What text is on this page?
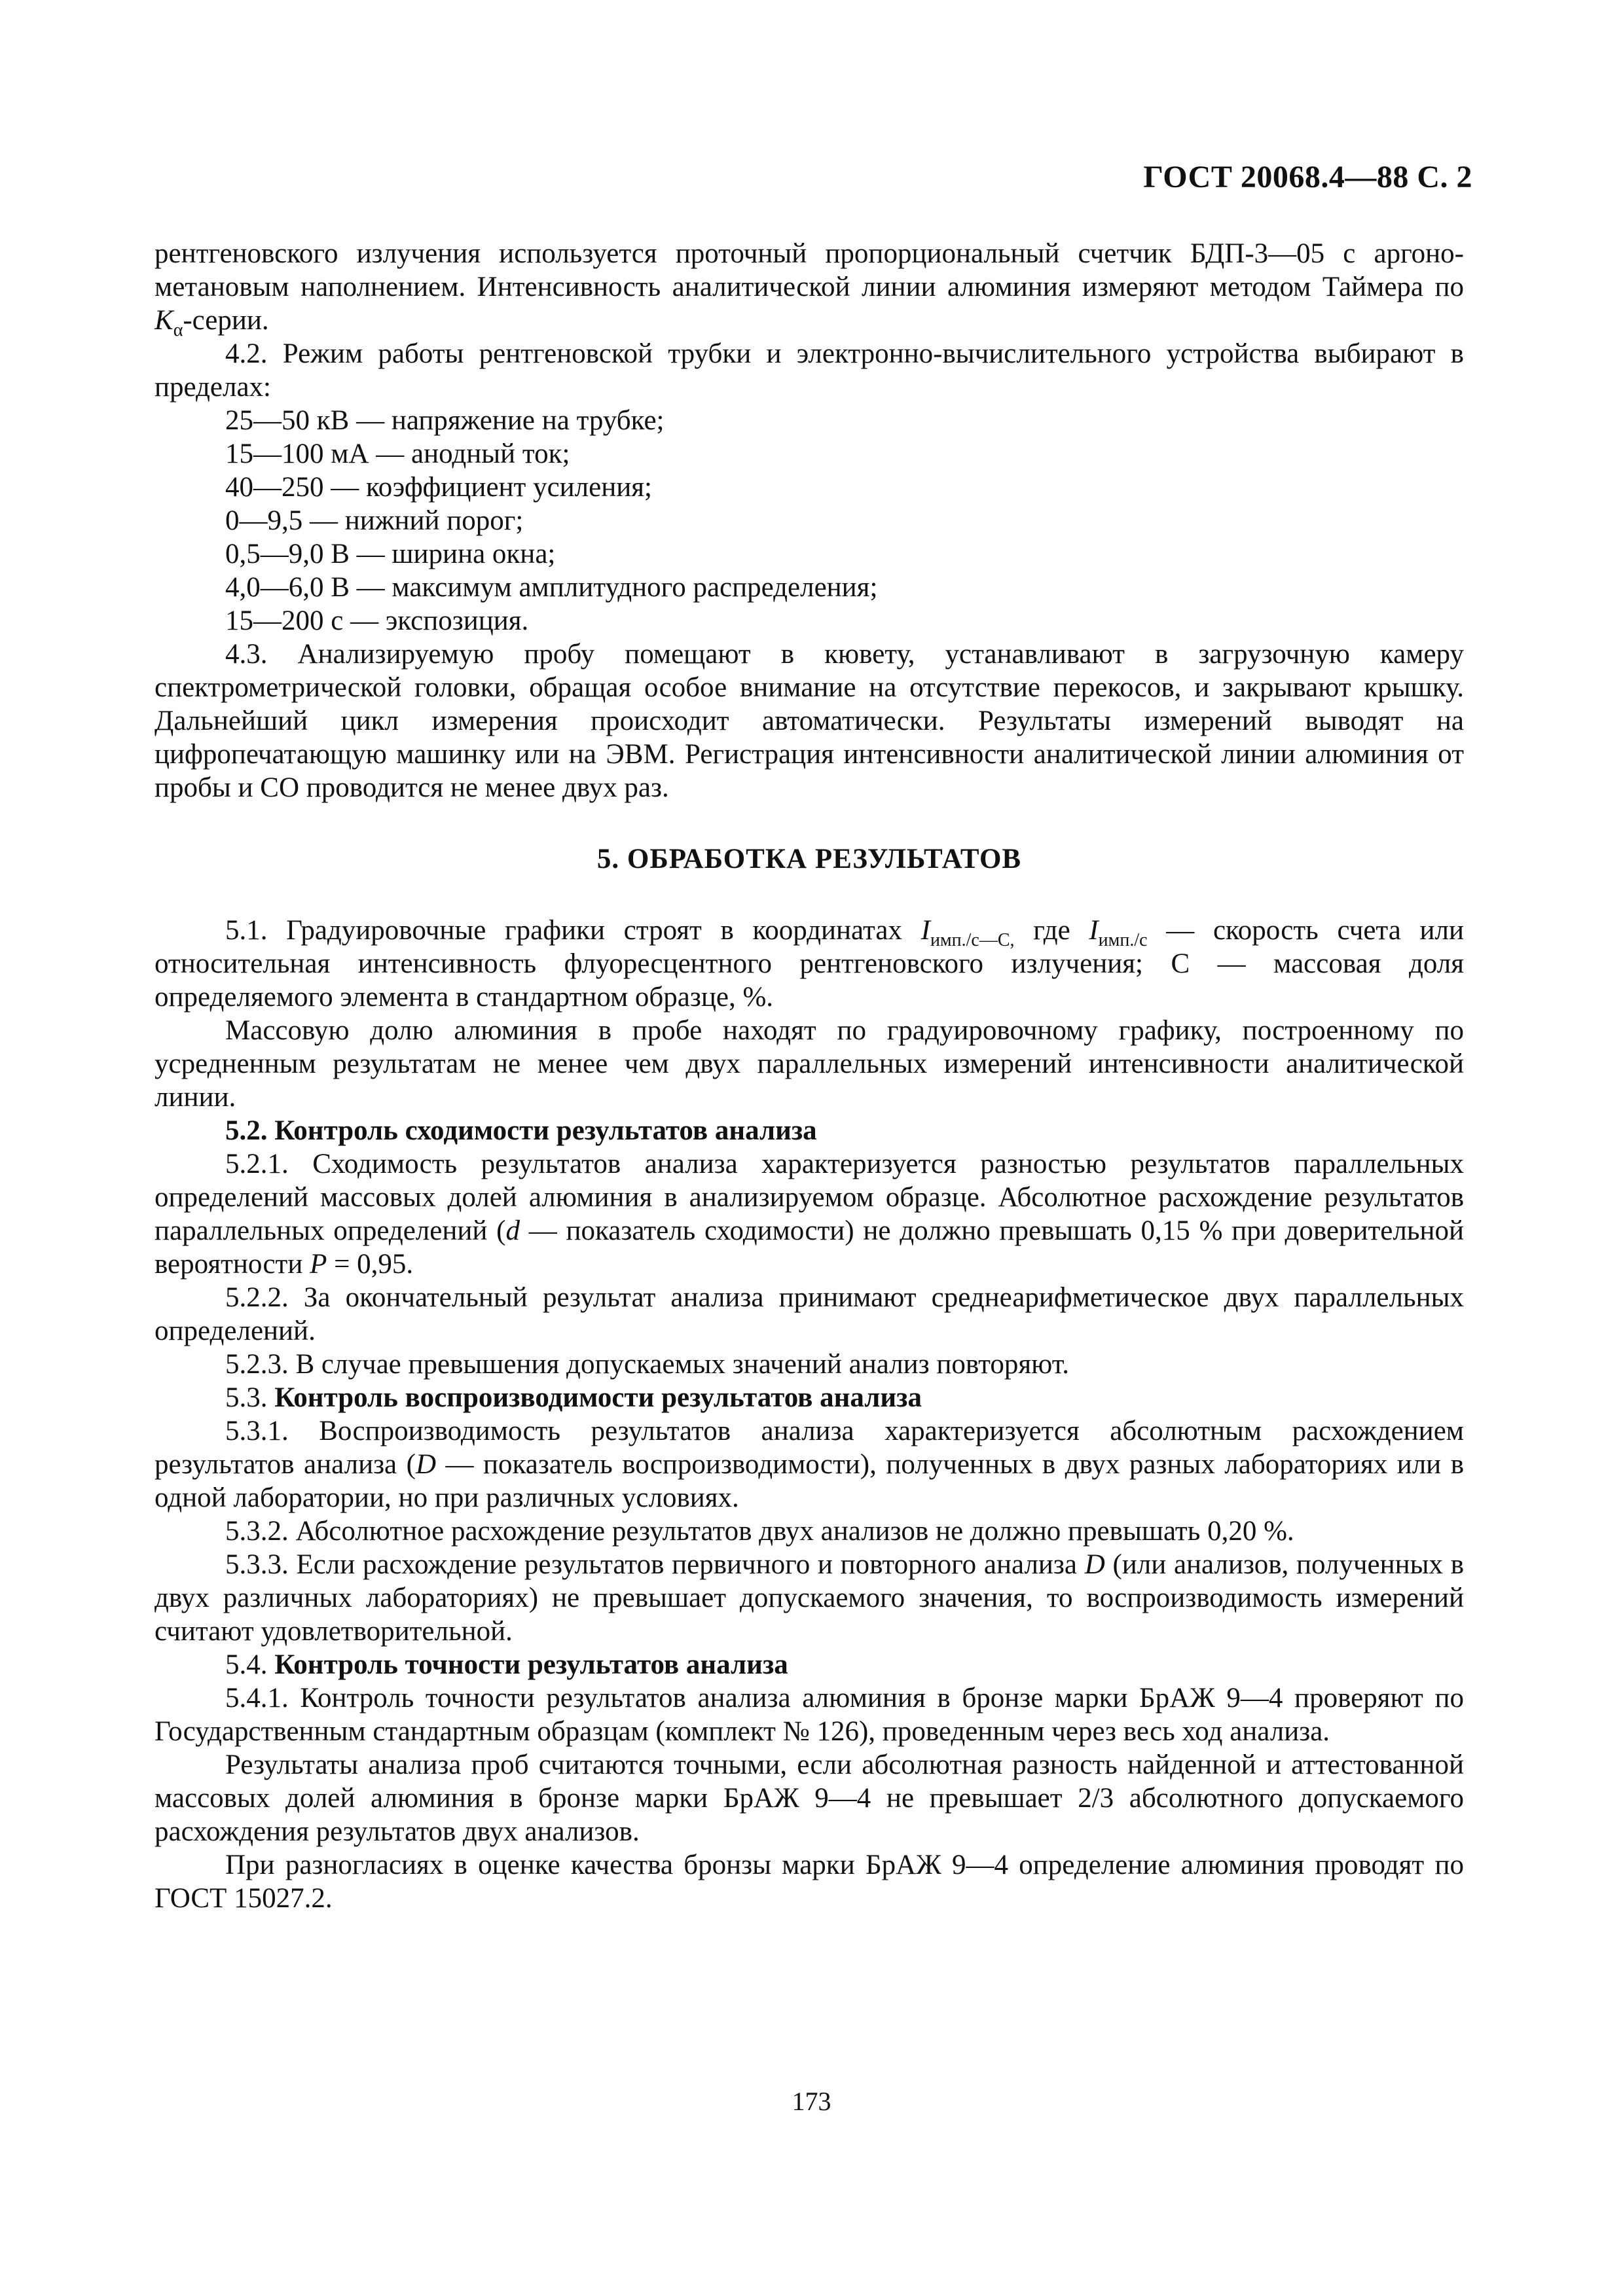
ГОСТ 20068.4—88 С. 2

рентгеновского излучения используется проточный пропорциональный счетчик БДП-3—05 с аргоно-метановым наполнением. Интенсивность аналитической линии алюминия измеряют методом Таймера по $K_\alpha$-серии.

4.2. Режим работы рентгеновской трубки и электронно-вычислительного устройства выбирают в пределах:

25—50 кВ — напряжение на трубке;

15—100 мА — анодный ток;

40—250 — коэффициент усиления;

0—9,5 — нижний порог;

0,5—9,0 В — ширина окна;

4,0—6,0 В — максимум амплитудного распределения;

15—200 с — экспозиция.

4.3. Анализируемую пробу помещают в кювету, устанавливают в загрузочную камеру спектрометрической головки, обращая особое внимание на отсутствие перекосов, и закрывают крышку. Дальнейший цикл измерения происходит автоматически. Результаты измерений выводят на цифропечатающую машинку или на ЭВМ. Регистрация интенсивности аналитической линии алюминия от пробы и СО проводится не менее двух раз.

5. ОБРАБОТКА РЕЗУЛЬТАТОВ

5.1. Градуировочные графики строят в координатах $I_{имп./с—С,}$ где $I_{имп./с}$ — скорость счета или относительная интенсивность флуоресцентного рентгеновского излучения; С — массовая доля определяемого элемента в стандартном образце, %.

Массовую долю алюминия в пробе находят по градуировочному графику, построенному по усредненным результатам не менее чем двух параллельных измерений интенсивности аналитической линии.

5.2. Контроль сходимости результатов анализа

5.2.1. Сходимость результатов анализа характеризуется разностью результатов параллельных определений массовых долей алюминия в анализируемом образце. Абсолютное расхождение результатов параллельных определений (d — показатель сходимости) не должно превышать 0,15 % при доверительной вероятности P = 0,95.

5.2.2. За окончательный результат анализа принимают среднеарифметическое двух параллельных определений.

5.2.3. В случае превышения допускаемых значений анализ повторяют.

5.3. Контроль воспроизводимости результатов анализа

5.3.1. Воспроизводимость результатов анализа характеризуется абсолютным расхождением результатов анализа (D — показатель воспроизводимости), полученных в двух разных лабораториях или в одной лаборатории, но при различных условиях.

5.3.2. Абсолютное расхождение результатов двух анализов не должно превышать 0,20 %.

5.3.3. Если расхождение результатов первичного и повторного анализа D (или анализов, полученных в двух различных лабораториях) не превышает допускаемого значения, то воспроизводимость измерений считают удовлетворительной.

5.4. Контроль точности результатов анализа

5.4.1. Контроль точности результатов анализа алюминия в бронзе марки БрАЖ 9—4 проверяют по Государственным стандартным образцам (комплект № 126), проведенным через весь ход анализа.

Результаты анализа проб считаются точными, если абсолютная разность найденной и аттестованной массовых долей алюминия в бронзе марки БрАЖ 9—4 не превышает 2/3 абсолютного допускаемого расхождения результатов двух анализов.

При разногласиях в оценке качества бронзы марки БрАЖ 9—4 определение алюминия проводят по ГОСТ 15027.2.

173
